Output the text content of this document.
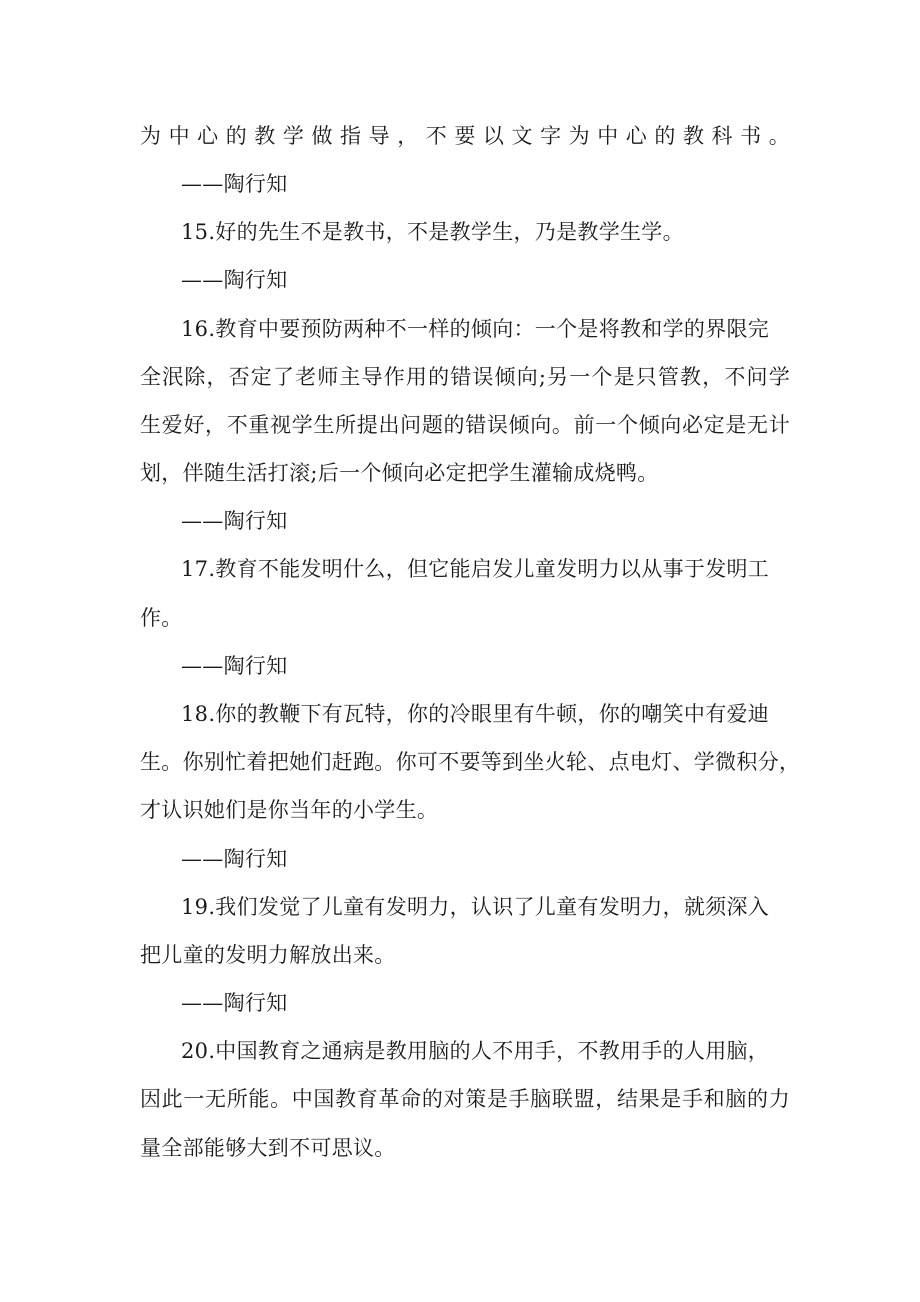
为中心的教学做指导，不要以文字为中心的教科书。
——陶行知
15.好的先生不是教书，不是教学生，乃是教学生学。
——陶行知
16.教育中要预防两种不一样的倾向：一个是将教和学的界限完
全泯除，否定了老师主导作用的错误倾向;另一个是只管教，不问学
生爱好，不重视学生所提出问题的错误倾向。前一个倾向必定是无计
划，伴随生活打滚;后一个倾向必定把学生灌输成烧鸭。
——陶行知
17.教育不能发明什么，但它能启发儿童发明力以从事于发明工
作。
——陶行知
18.你的教鞭下有瓦特，你的冷眼里有牛顿，你的嘲笑中有爱迪
生。你别忙着把她们赶跑。你可不要等到坐火轮、点电灯、学微积分，
才认识她们是你当年的小学生。
——陶行知
19.我们发觉了儿童有发明力，认识了儿童有发明力，就须深入
把儿童的发明力解放出来。
——陶行知
20.中国教育之通病是教用脑的人不用手，不教用手的人用脑，
因此一无所能。中国教育革命的对策是手脑联盟，结果是手和脑的力
量全部能够大到不可思议。
